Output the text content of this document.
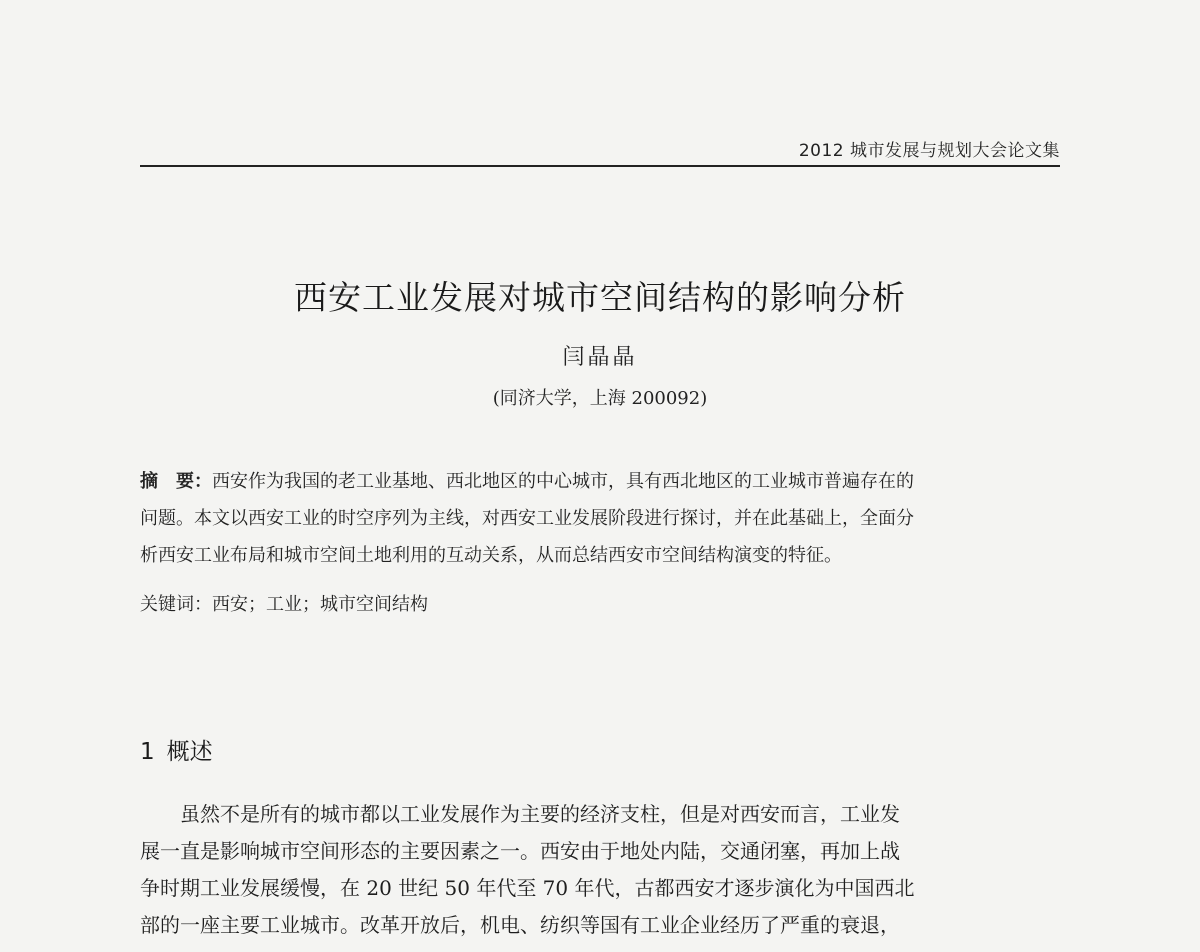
2012 城市发展与规划大会论文集
西安工业发展对城市空间结构的影响分析
闫晶晶
(同济大学，上海 200092)
摘　要：西安作为我国的老工业基地、西北地区的中心城市，具有西北地区的工业城市普遍存在的
问题。本文以西安工业的时空序列为主线，对西安工业发展阶段进行探讨，并在此基础上，全面分
析西安工业布局和城市空间土地利用的互动关系，从而总结西安市空间结构演变的特征。
关键词：西安；工业；城市空间结构
1 概述
虽然不是所有的城市都以工业发展作为主要的经济支柱，但是对西安而言，工业发
展一直是影响城市空间形态的主要因素之一。西安由于地处内陆，交通闭塞，再加上战
争时期工业发展缓慢，在 20 世纪 50 年代至 70 年代，古都西安才逐步演化为中国西北
部的一座主要工业城市。改革开放后，机电、纺织等国有工业企业经历了严重的衰退，
